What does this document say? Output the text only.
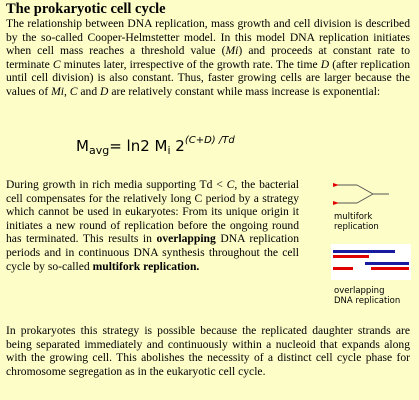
The prokaryotic cell cycle
The relationship between DNA replication, mass growth and cell division is described by the so-called Cooper-Helmstetter model. In this model DNA replication initiates when cell mass reaches a threshold value (Mi) and proceeds at constant rate to terminate C minutes later, irrespective of the growth rate. The time D (after replication until cell division) is also constant. Thus, faster growing cells are larger because the values of Mi, C and D are relatively constant while mass increase is exponential:
$M_{avg}= \ln 2$ $M_i$ $2^{(C+D) /Td}$
During growth in rich media supporting Td < C, the bacterial cell compensates for the relatively long C period by a strategy which cannot be used in eukaryotes: From its unique origin it initiates a new round of replication before the ongoing round has terminated. This results in overlapping DNA replication periods and in continuous DNA synthesis throughout the cell cycle by so-called multifork replication.
multifork
replication
overlapping
DNA replication
In prokaryotes this strategy is possible because the replicated daughter strands are being separated immediately and continuously within a nucleoid that expands along with the growing cell. This abolishes the necessity of a distinct cell cycle phase for chromosome segregation as in the eukaryotic cell cycle.
